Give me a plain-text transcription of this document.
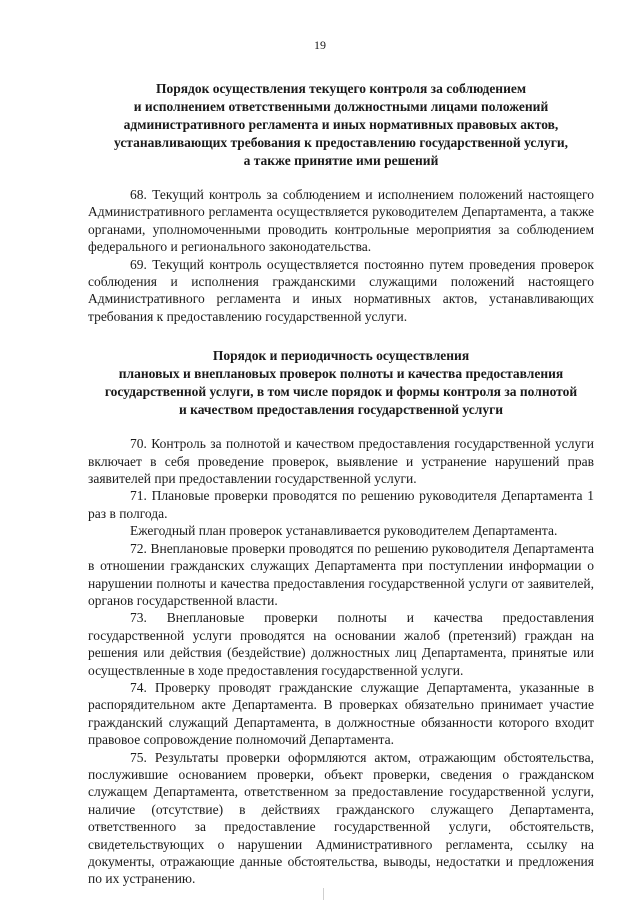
19
Порядок осуществления текущего контроля за соблюдением
и исполнением ответственными должностными лицами положений
административного регламента и иных нормативных правовых актов,
устанавливающих требования к предоставлению государственной услуги,
а также принятие ими решений

68. Текущий контроль за соблюдением и исполнением положений настоящего Административного регламента осуществляется руководителем Департамента, а также органами, уполномоченными проводить контрольные мероприятия за соблюдением федерального и регионального законодательства.

69. Текущий контроль осуществляется постоянно путем проведения проверок соблюдения и исполнения гражданскими служащими положений настоящего Административного регламента и иных нормативных актов, устанавливающих требования к предоставлению государственной услуги.

Порядок и периодичность осуществления
плановых и внеплановых проверок полноты и качества предоставления
государственной услуги, в том числе порядок и формы контроля за полнотой
и качеством предоставления государственной услуги

70. Контроль за полнотой и качеством предоставления государственной услуги включает в себя проведение проверок, выявление и устранение нарушений прав заявителей при предоставлении государственной услуги.

71. Плановые проверки проводятся по решению руководителя Департамента 1 раз в полгода.

Ежегодный план проверок устанавливается руководителем Департамента.

72. Внеплановые проверки проводятся по решению руководителя Департамента в отношении гражданских служащих Департамента при поступлении информации о нарушении полноты и качества предоставления государственной услуги от заявителей, органов государственной власти.

73. Внеплановые проверки полноты и качества предоставления государственной услуги проводятся на основании жалоб (претензий) граждан на решения или действия (бездействие) должностных лиц Департамента, принятые или осуществленные в ходе предоставления государственной услуги.

74. Проверку проводят гражданские служащие Департамента, указанные в распорядительном акте Департамента. В проверках обязательно принимает участие гражданский служащий Департамента, в должностные обязанности которого входит правовое сопровождение полномочий Департамента.

75. Результаты проверки оформляются актом, отражающим обстоятельства, послужившие основанием проверки, объект проверки, сведения о гражданском служащем Департамента, ответственном за предоставление государственной услуги, наличие (отсутствие) в действиях гражданского служащего Департамента, ответственного за предоставление государственной услуги, обстоятельств, свидетельствующих о нарушении Административного регламента, ссылку на документы, отражающие данные обстоятельства, выводы, недостатки и предложения по их устранению.
